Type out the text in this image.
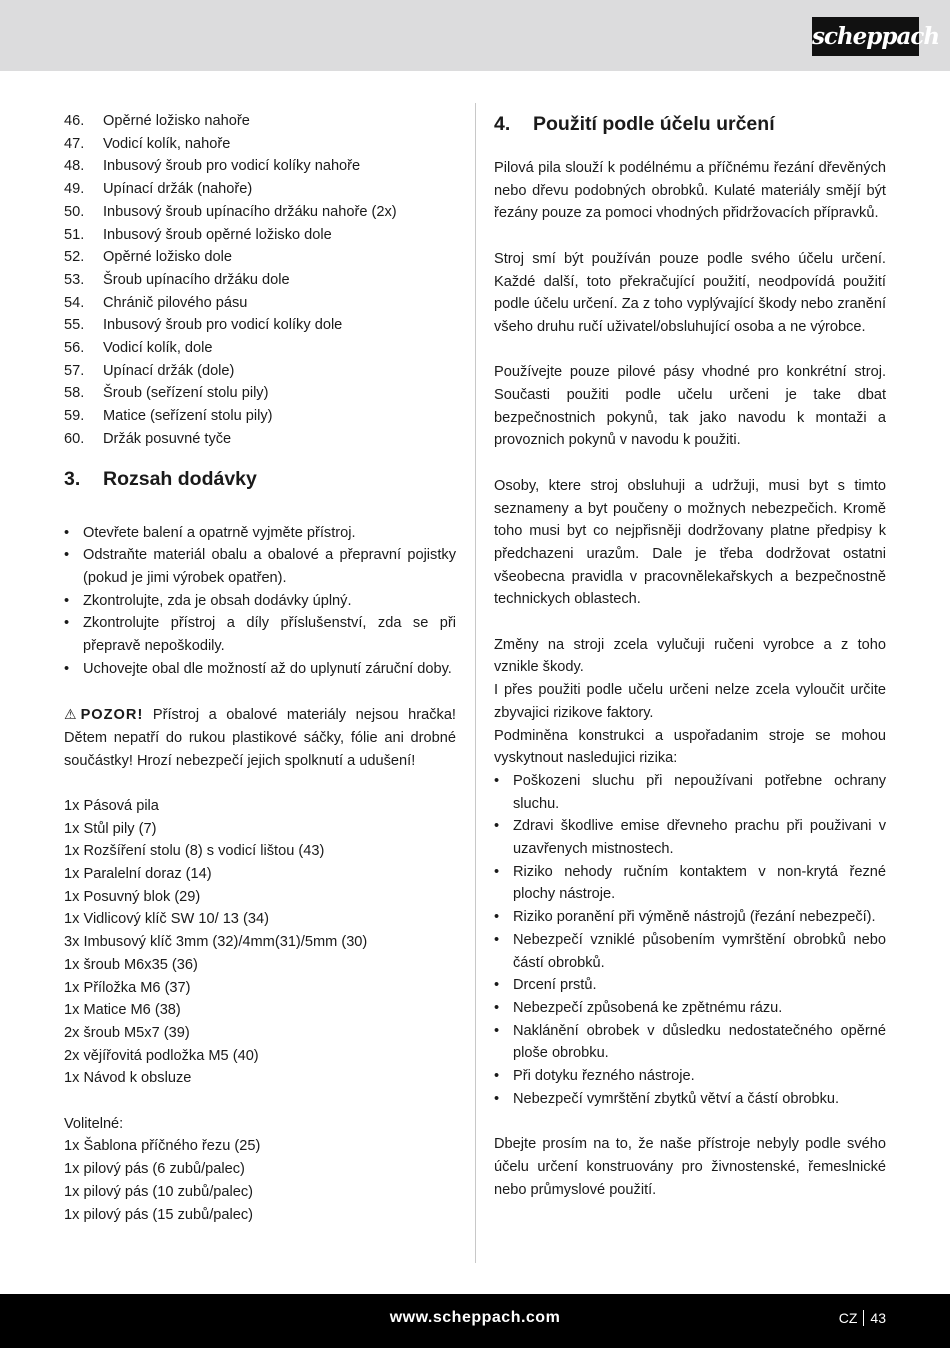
scheppach
46.	Opěrné ložisko nahoře
47.	Vodicí kolík, nahoře
48.	Inbusový šroub pro vodicí kolíky nahoře
49.	Upínací držák (nahoře)
50.	Inbusový šroub upínacího držáku nahoře (2x)
51.	Inbusový šroub opěrné ložisko dole
52.	Opěrné ložisko dole
53.	Šroub upínacího držáku dole
54.	Chránič pilového pásu
55.	Inbusový šroub pro vodicí kolíky dole
56.	Vodicí kolík, dole
57.	Upínací držák (dole)
58.	Šroub (seřízení stolu pily)
59.	Matice (seřízení stolu pily)
60.	Držák posuvné tyče
3.	Rozsah dodávky
• Otevřete balení a opatrně vyjměte přístroj.
• Odstraňte materiál obalu a obalové a přepravní pojistky (pokud je jimi výrobek opatřen).
• Zkontrolujte, zda je obsah dodávky úplný.
• Zkontrolujte přístroj a díly příslušenství, zda se při přepravě nepoškodily.
• Uchovejte obal dle možností až do uplynutí záruční doby.

⚠ POZOR! Přístroj a obalové materiály nejsou hračka! Dětem nepatří do rukou plastikové sáčky, fólie ani drobné součástky! Hrozí nebezpečí jejich spolknutí a udušení!

1x Pásová pila
1x Stůl pily (7)
1x Rozšíření stolu (8) s vodicí lištou (43)
1x Paralelní doraz (14)
1x Posuvný blok (29)
1x Vidlicový klíč SW 10/ 13 (34)
3x Imbusový klíč 3mm (32)/4mm(31)/5mm (30)
1x šroub M6x35 (36)
1x Příložka M6 (37)
1x Matice M6 (38)
2x šroub M5x7 (39)
2x vějířovitá podložka M5 (40)
1x Návod k obsluze
Volitelné:
1x Šablona příčného řezu (25)
1x pilový pás (6 zubů/palec)
1x pilový pás (10 zubů/palec)
1x pilový pás (15 zubů/palec)
4.	Použití podle účelu určení

Pilová pila slouží k podélnému a příčnému řezání dřevěných nebo dřevu podobných obrobků. Kulaté materiály smějí být řezány pouze za pomoci vhodných přidržovacích přípravků.

Stroj smí být používán pouze podle svého účelu určení. Každé další, toto překračující použití, neodpovídá použití podle účelu určení. Za z toho vyplývající škody nebo zranění všeho druhu ručí uživatel/obsluhující osoba a ne výrobce.

Používejte pouze pilové pásy vhodné pro konkrétní stroj. Současti použiti podle učelu určeni je take dbat bezpečnostnich pokynů, tak jako navodu k montaži a provoznich pokynů v navodu k použiti.

Osoby, ktere stroj obsluhuji a udržuji, musi byt s timto seznameny a byt poučeny o možnych nebezpečich. Kromě toho musi byt co nejpřisněji dodržovany platne předpisy k předchazeni urazům. Dale je třeba dodržovat ostatni všeobecna pravidla v pracovnělekařskych a bezpečnostně technickych oblastech.

Změny na stroji zcela vylučuji ručeni vyrobce a z toho vznikle škody.

I přes použiti podle učelu určeni nelze zcela vyloučit určite zbyvajici rizikove faktory.

Podminěna konstrukci a uspořadanim stroje se mohou vyskytnout nasledujici rizika:

• Poškozeni sluchu při nepoužívani potřebne ochrany sluchu.
• Zdravi škodlive emise dřevneho prachu při použivani v uzavřenych mistnostech.
• Riziko nehody ručním kontaktem v non-krytá řezné plochy nástroje.
• Riziko poranění při výměně nástrojů (řezání nebezpečí).
• Nebezpečí vzniklé působením vymrštění obrobků nebo částí obrobků.
• Drcení prstů.
• Nebezpečí způsobená ke zpětnému rázu.
• Naklánění obrobek v důsledku nedostatečného opěrné ploše obrobku.
• Při dotyku řezného nástroje.
• Nebezpečí vymrštění zbytků větví a částí obrobku.

Dbejte prosím na to, že naše přístroje nebyly podle svého účelu určení konstruovány pro živnostenské, řemeslnické nebo průmyslové použití.

www.scheppach.com	CZ 43
